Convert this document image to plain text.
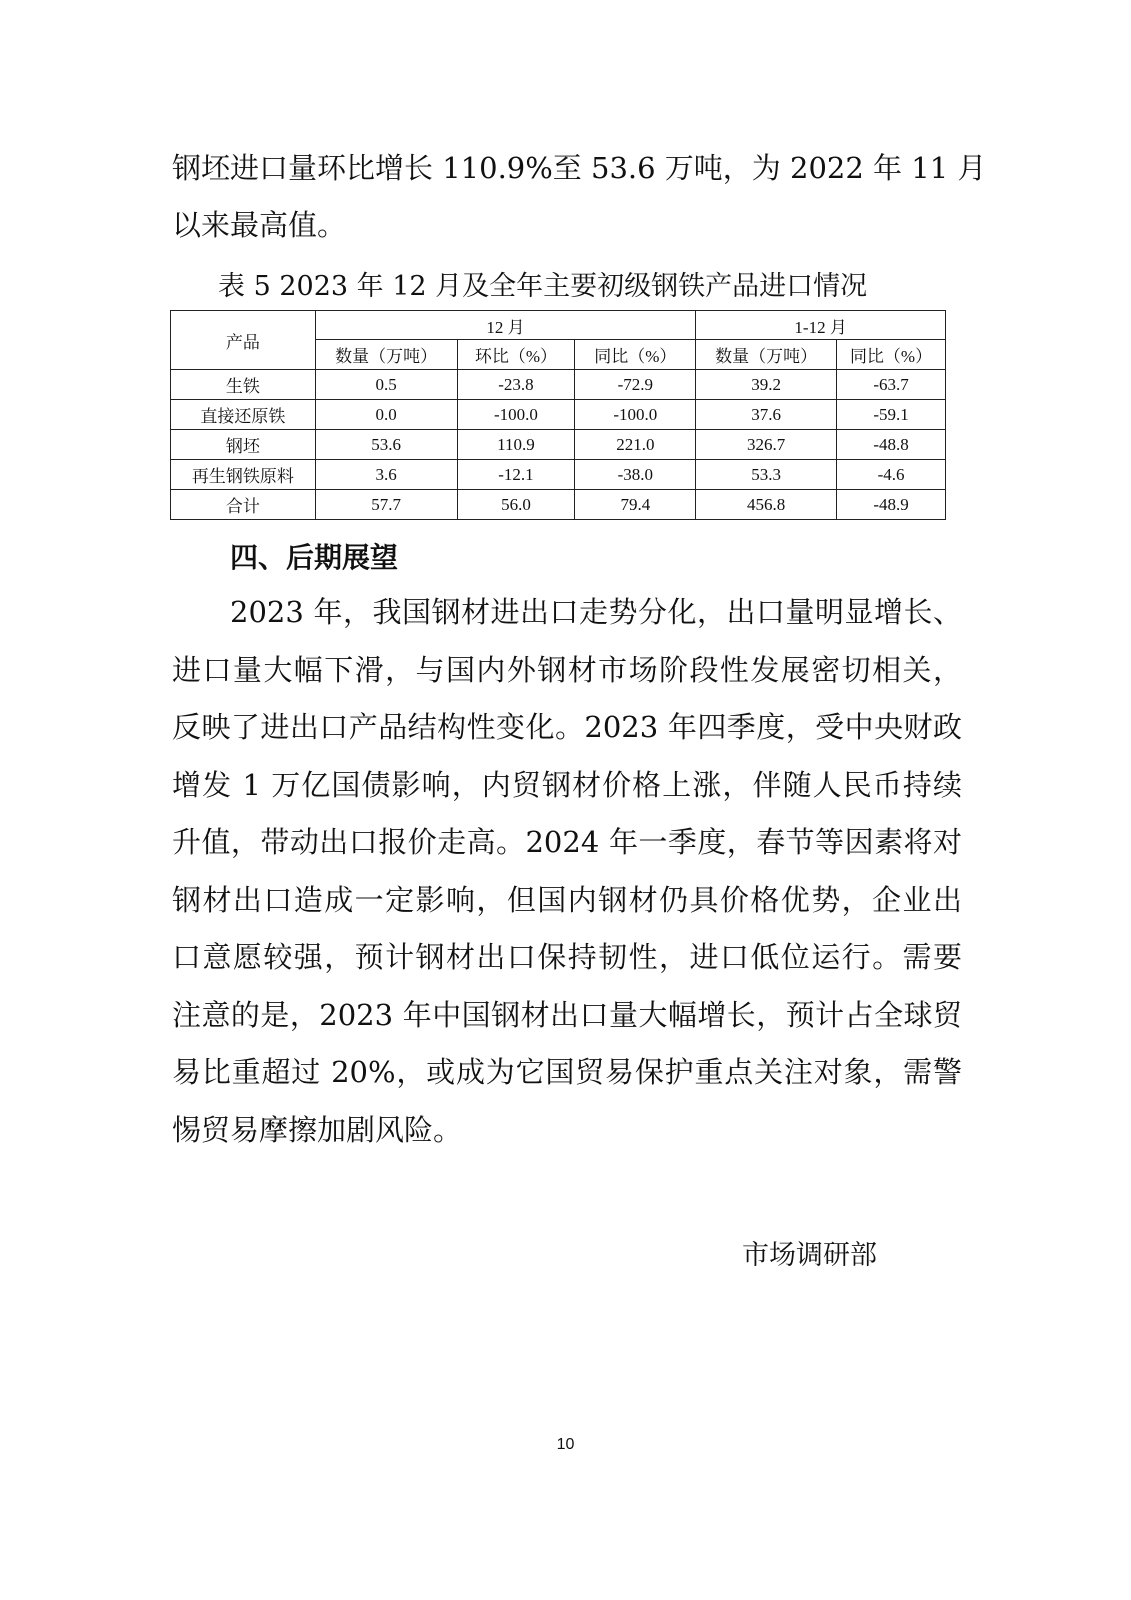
钢坯进口量环比增长 110.9%至 53.6 万吨，为 2022 年 11 月
以来最高值。
表 5 2023 年 12 月及全年主要初级钢铁产品进口情况
产品	12 月			1-12 月	
	数量（万吨）	环比（%）	同比（%）	数量（万吨）	同比（%）
生铁	0.5	-23.8	-72.9	39.2	-63.7
直接还原铁	0.0	-100.0	-100.0	37.6	-59.1
钢坯	53.6	110.9	221.0	326.7	-48.8
再生钢铁原料	3.6	-12.1	-38.0	53.3	-4.6
合计	57.7	56.0	79.4	456.8	-48.9
四、后期展望
2023 年，我国钢材进出口走势分化，出口量明显增长、
进口量大幅下滑，与国内外钢材市场阶段性发展密切相关，
反映了进出口产品结构性变化。2023 年四季度，受中央财政
增发 1 万亿国债影响，内贸钢材价格上涨，伴随人民币持续
升值，带动出口报价走高。2024 年一季度，春节等因素将对
钢材出口造成一定影响，但国内钢材仍具价格优势，企业出
口意愿较强，预计钢材出口保持韧性，进口低位运行。需要
注意的是，2023 年中国钢材出口量大幅增长，预计占全球贸
易比重超过 20%，或成为它国贸易保护重点关注对象，需警
惕贸易摩擦加剧风险。
市场调研部
10
